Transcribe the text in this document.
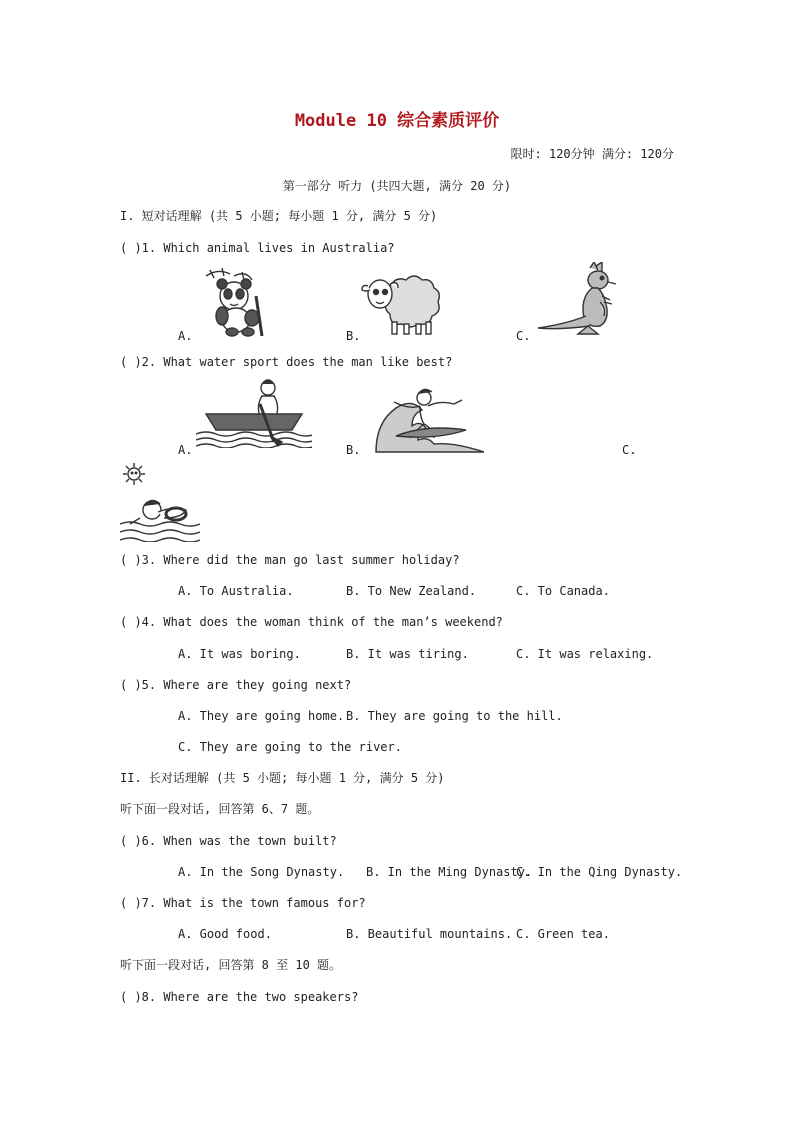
Module 10 综合素质评价
限时: 120分钟 满分: 120分
第一部分 听力 (共四大题, 满分 20 分)
I. 短对话理解 (共 5 小题; 每小题 1 分, 满分 5 分)
( )1. Which animal lives in Australia?
A.	B.	C.
( )2. What water sport does the man like best?
A.	B.	C.
( )3. Where did the man go last summer holiday?
A. To Australia.	B. To New Zealand.	C. To Canada.
( )4. What does the woman think of the man’s weekend?
A. It was boring.	B. It was tiring.	C. It was relaxing.
( )5. Where are they going next?
A. They are going home. B. They are going to the hill.
C. They are going to the river.
II. 长对话理解 (共 5 小题; 每小题 1 分, 满分 5 分)
听下面一段对话, 回答第 6、7 题。
( )6. When was the town built?
A. In the Song Dynasty. B. In the Ming Dynasty.
C. In the Qing Dynasty.
( )7. What is the town famous for?
A. Good food.	B. Beautiful mountains. C. Green tea.
听下面一段对话, 回答第 8 至 10 题。
( )8. Where are the two speakers?
